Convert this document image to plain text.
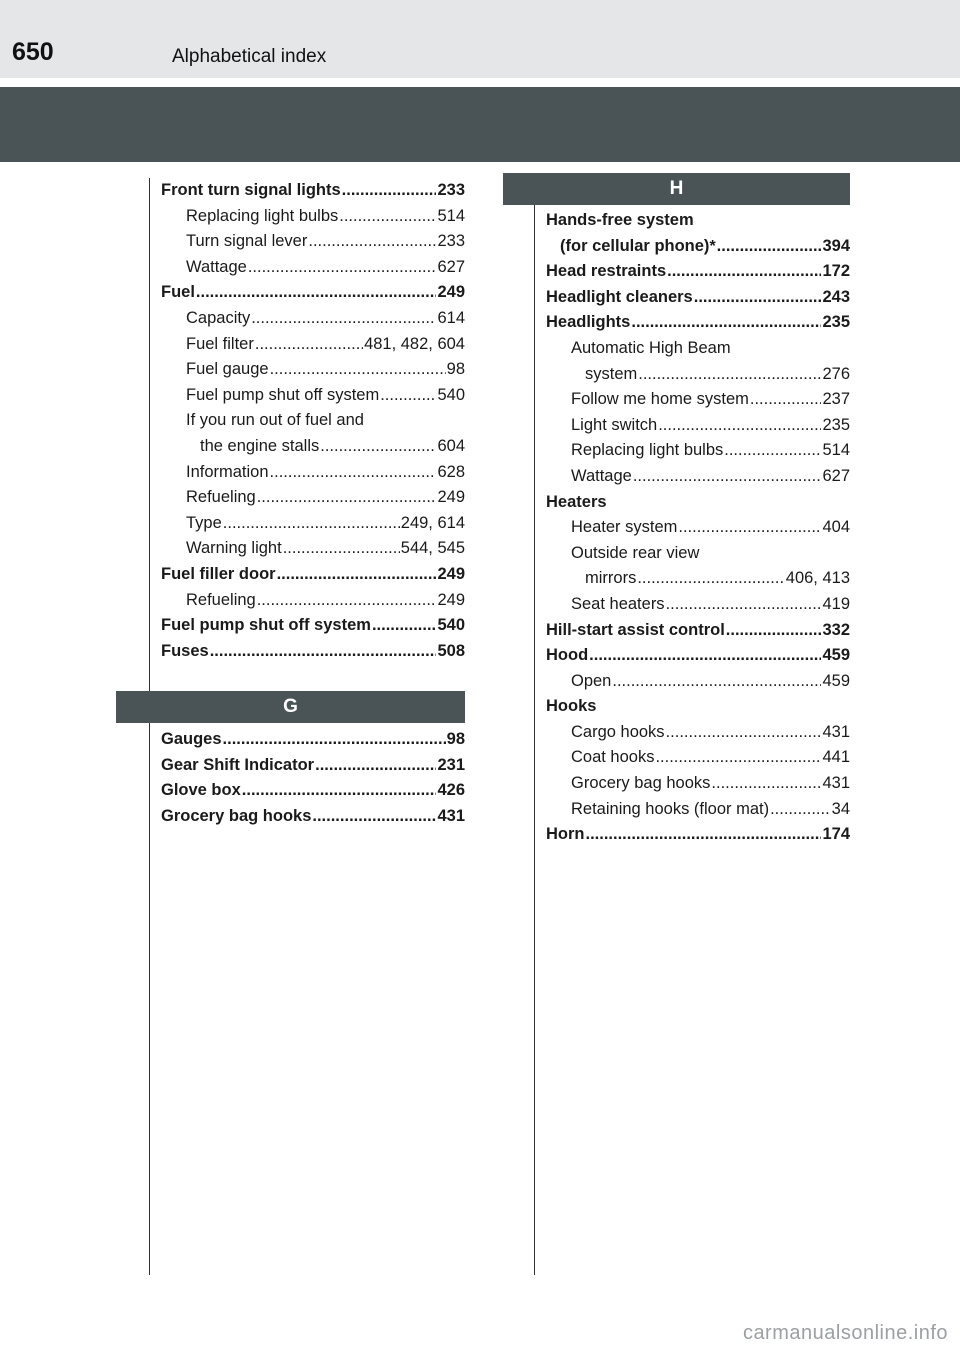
650	Alphabetical index
Front turn signal lights .....	233
Replacing light bulbs .....	514
Turn signal lever .....	233
Wattage .....	627
Fuel .....	249
Capacity .....	614
Fuel filter .....	481, 482, 604
Fuel gauge .....	98
Fuel pump shut off system .....	540
If you run out of fuel and
the engine stalls .....	604
Information .....	628
Refueling .....	249
Type .....	249, 614
Warning light .....	544, 545
Fuel filler door .....	249
Refueling .....	249
Fuel pump shut off system .....	540
Fuses .....	508
G
Gauges .....	98
Gear Shift Indicator .....	231
Glove box .....	426
Grocery bag hooks .....	431
H
Hands-free system
(for cellular phone) * .....	394
Head restraints .....	172
Headlight cleaners .....	243
Headlights .....	235
Automatic High Beam
system .....	276
Follow me home system .....	237
Light switch .....	235
Replacing light bulbs .....	514
Wattage .....	627
Heaters
Heater system .....	404
Outside rear view
mirrors .....	406, 413
Seat heaters .....	419
Hill-start assist control .....	332
Hood .....	459
Open .....	459
Hooks
Cargo hooks .....	431
Coat hooks .....	441
Grocery bag hooks .....	431
Retaining hooks (floor mat) .....	34
Horn .....	174
carmanualsonline.info
